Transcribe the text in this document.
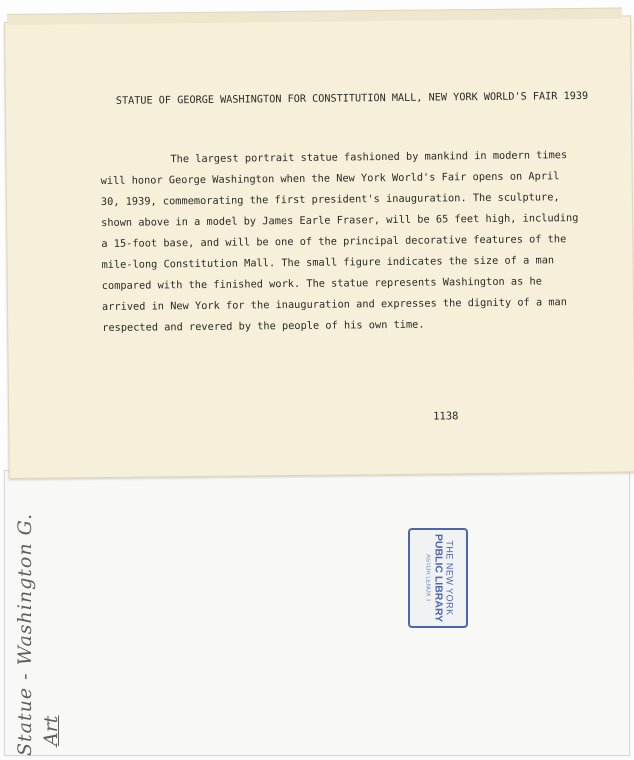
STATUE OF GEORGE WASHINGTON FOR CONSTITUTION MALL, NEW YORK WORLD'S FAIR 1939
The largest portrait statue fashioned by mankind in modern times
will honor George Washington when the New York World's Fair opens on April
30, 1939, commemorating the first president's inauguration. The sculpture,
shown above in a model by James Earle Fraser, will be 65 feet high, including
a 15-foot base, and will be one of the principal decorative features of the
mile-long Constitution Mall. The small figure indicates the size of a man
compared with the finished work. The statue represents Washington as he
arrived in New York for the inauguration and expresses the dignity of a man
respected and revered by the people of his own time.
1138
THE NEW YORK
PUBLIC LIBRARY
ASTOR LENOX T
Statue - Washington G. Art
